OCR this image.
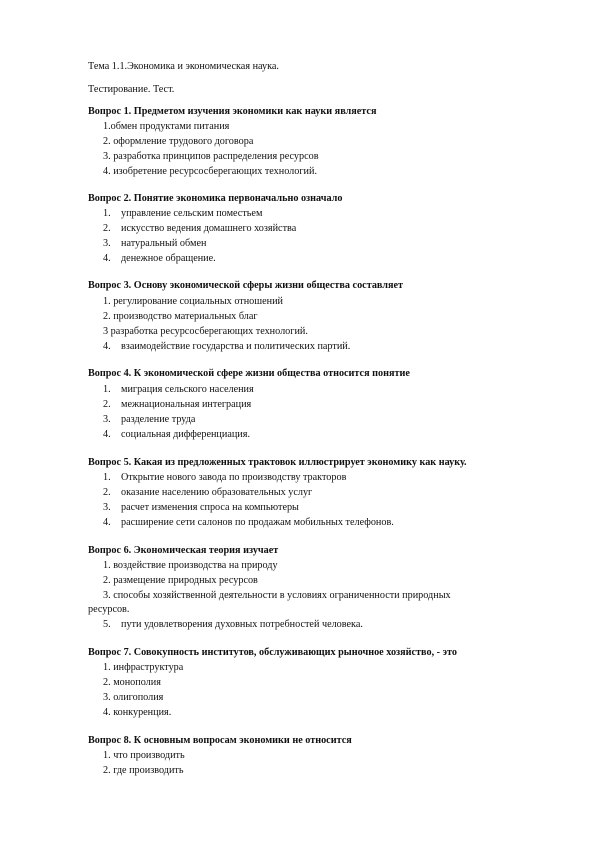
Тема 1.1.Экономика и экономическая наука.
Тестирование. Тест.
Вопрос 1. Предметом изучения экономики как науки является
1.обмен продуктами питания
2. оформление трудового договора
3. разработка принципов распределения ресурсов
4. изобретение ресурсосберегающих технологий.
Вопрос 2. Понятие экономика первоначально означало
1. управление сельским поместьем
2. искусство ведения домашнего хозяйства
3. натуральный обмен
4. денежное обращение.
Вопрос 3. Основу экономической сферы жизни общества составляет
1. регулирование социальных отношений
2. производство материальных благ
3 разработка ресурсосберегающих технологий.
4. взаимодействие государства и политических партий.
Вопрос 4. К экономической сфере жизни общества относится понятие
1. миграция сельского населения
2. межнациональная интеграция
3. разделение труда
4. социальная дифференциация.
Вопрос 5. Какая из предложенных трактовок иллюстрирует экономику как науку.
1. Открытие нового завода по производству тракторов
2. оказание населению образовательных услуг
3. расчет изменения спроса на компьютеры
4. расширение сети салонов по продажам мобильных телефонов.
Вопрос 6. Экономическая теория изучает
1. воздействие производства на природу
2. размещение природных ресурсов
3. способы хозяйственной деятельности в условиях ограниченности природных
ресурсов.
5. пути удовлетворения духовных потребностей человека.
Вопрос 7. Совокупность институтов, обслуживающих рыночное хозяйство, - это
1. инфраструктура
2. монополия
3. олигополия
4. конкуренция.
Вопрос 8. К основным вопросам экономики не относится
1. что производить
2. где производить
